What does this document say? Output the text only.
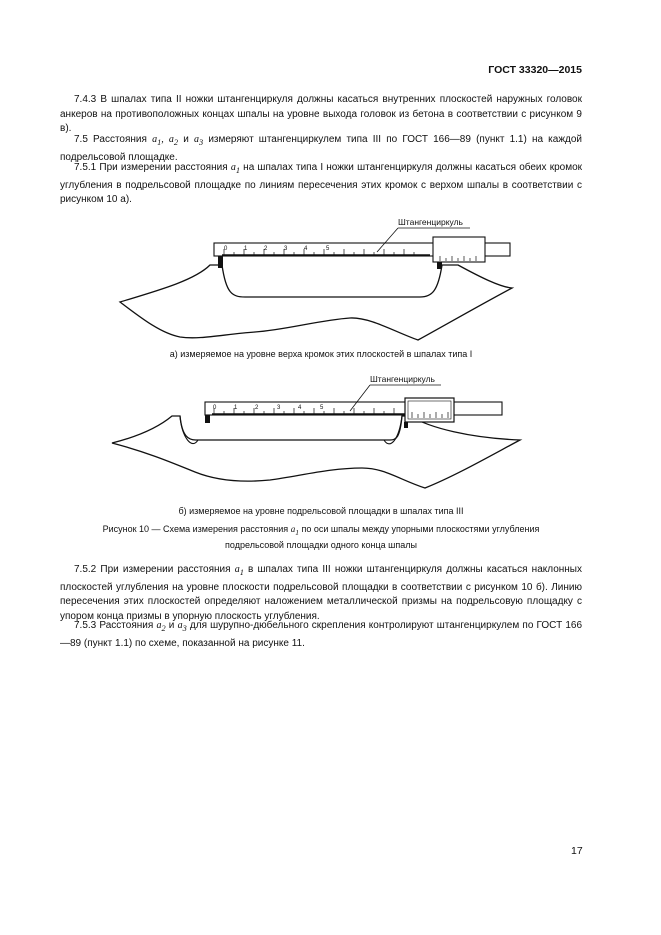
ГОСТ 33320—2015
7.4.3 В шпалах типа II ножки штангенциркуля должны касаться внутренних плоскостей наружных головок анкеров на противоположных концах шпалы на уровне выхода головок из бетона в соответствии с рисунком 9 в).
7.5 Расстояния $a_1$, $a_2$ и $a_3$ измеряют штангенциркулем типа III по ГОСТ 166—89 (пункт 1.1) на каждой подрельсовой площадке.
7.5.1 При измерении расстояния $a_1$ на шпалах типа I ножки штангенциркуля должны касаться обеих кромок углубления в подрельсовой площадке по линиям пересечения этих кромок с верхом шпалы в соответствии с рисунком 10 а).
0	1	2	3	4	5
Штангенциркуль
а) измеряемое на уровне верха кромок этих плоскостей в шпалах типа I
0	1	2	3	4	5
Штангенциркуль
б) измеряемое на уровне подрельсовой площадки в шпалах типа III
Рисунок 10 — Схема измерения расстояния $a_1$ по оси шпалы между упорными плоскостями углубления
подрельсовой площадки одного конца шпалы
7.5.2 При измерении расстояния $a_1$ в шпалах типа III ножки штангенциркуля должны касаться наклонных плоскостей углубления на уровне плоскости подрельсовой площадки в соответствии с рисунком 10 б). Линию пересечения этих плоскостей определяют наложением металлической призмы на подрельсовую площадку с упором конца призмы в упорную плоскость углубления.
7.5.3 Расстояния $a_2$ и $a_3$ для шурупно-дюбельного скрепления контролируют штангенциркулем по ГОСТ 166—89 (пункт 1.1) по схеме, показанной на рисунке 11.
17
